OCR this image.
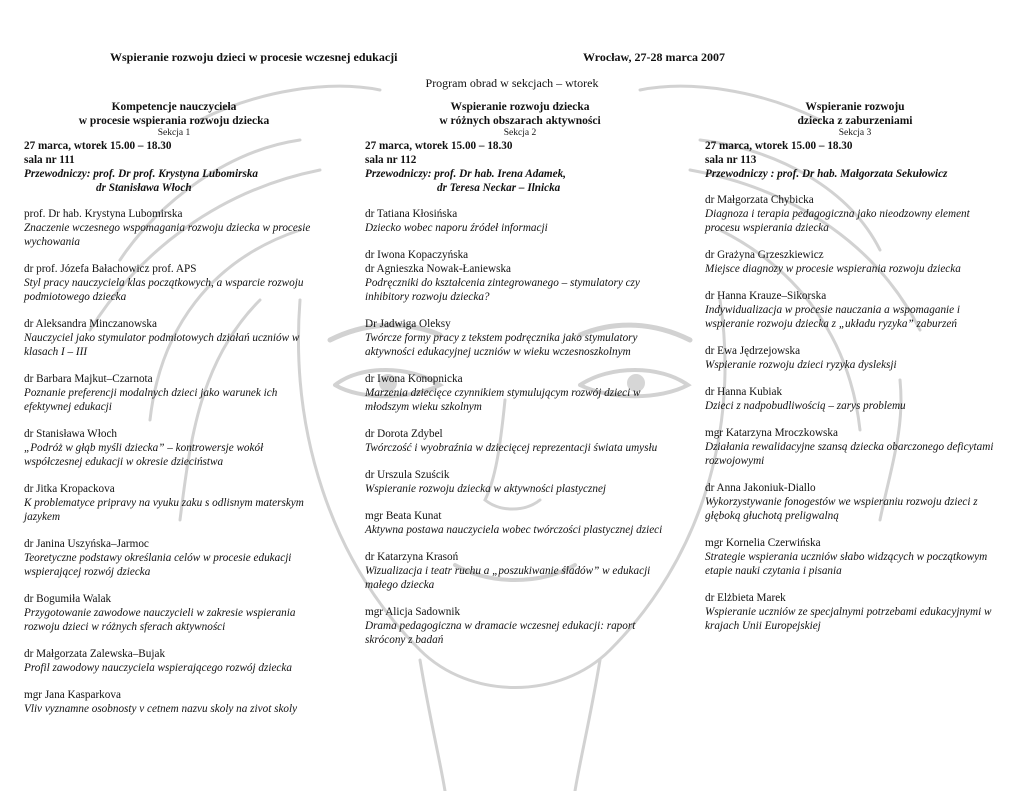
Wspieranie rozwoju dzieci w procesie wczesnej edukacji	Wrocław, 27-28 marca 2007
Program obrad w sekcjach – wtorek
Kompetencje nauczyciela
w procesie wspierania rozwoju dziecka
Sekcja 1
27 marca, wtorek 15.00 – 18.30
sala nr 111
Przewodniczy: prof. Dr prof. Krystyna Lubomirska
dr Stanisława Włoch
prof. Dr hab. Krystyna Lubomirska
Znaczenie wczesnego wspomagania rozwoju dziecka w procesie wychowania
dr prof. Józefa Bałachowicz prof. APS
Styl pracy nauczyciela klas początkowych, a wsparcie rozwoju podmiotowego dziecka
dr Aleksandra Minczanowska
Nauczyciel jako stymulator podmiotowych działań uczniów w klasach I – III
dr Barbara Majkut–Czarnota
Poznanie preferencji modalnych dzieci jako warunek ich efektywnej edukacji
dr Stanisława Włoch
„Podróż w głąb myśli dziecka” – kontrowersje wokół współczesnej edukacji w okresie dzieciństwa
dr Jitka Kropackova
K problematyce pripravy na vyuku zaku s odlisnym materskym jazykem
dr Janina Uszyńska–Jarmoc
Teoretyczne podstawy określania celów w procesie edukacji wspierającej rozwój dziecka
dr Bogumiła Walak
Przygotowanie zawodowe nauczycieli w zakresie wspierania rozwoju dzieci w różnych sferach aktywności
dr Małgorzata Zalewska–Bujak
Profil zawodowy nauczyciela wspierającego rozwój dziecka
mgr Jana Kasparkova
Vliv vyznamne osobnosty v cetnem nazvu skoly na zivot skoly
Wspieranie rozwoju dziecka
w różnych obszarach aktywności
Sekcja 2
27 marca, wtorek 15.00 – 18.30
sala nr 112
Przewodniczy: prof. Dr hab. Irena Adamek,
dr Teresa Neckar – Ilnicka
dr Tatiana Kłosińska
Dziecko wobec naporu źródeł informacji
dr Iwona Kopaczyńska
dr Agnieszka Nowak-Łaniewska
Podręczniki do kształcenia zintegrowanego – stymulatory czy inhibitory rozwoju dziecka?
Dr Jadwiga Oleksy
Twórcze formy pracy z tekstem podręcznika jako stymulatory aktywności edukacyjnej uczniów w wieku wczesnoszkolnym
dr Iwona Konopnicka
Marzenia dziecięce czynnikiem stymulującym rozwój dzieci w młodszym wieku szkolnym
dr Dorota Zdybel
Twórczość i wyobraźnia w dziecięcej reprezentacji świata umysłu
dr Urszula Szuścik
Wspieranie rozwoju dziecka w aktywności plastycznej
mgr Beata Kunat
Aktywna postawa nauczyciela wobec twórczości plastycznej dzieci
dr Katarzyna Krasoń
Wizualizacja i teatr ruchu a „poszukiwanie śladów” w edukacji małego dziecka
mgr Alicja Sadownik
Drama pedagogiczna w dramacie wczesnej edukacji: raport skrócony z badań
Wspieranie rozwoju
dziecka z zaburzeniami
Sekcja 3
27 marca, wtorek 15.00 – 18.30
sala nr 113
Przewodniczy : prof. Dr hab. Małgorzata Sekułowicz
dr Małgorzata Chybicka
Diagnoza i terapia pedagogiczna jako nieodzowny element procesu wspierania dziecka
dr Grażyna Grzeszkiewicz
Miejsce diagnozy w procesie wspierania rozwoju dziecka
dr Hanna Krauze–Sikorska
Indywidualizacja w procesie nauczania a wspomaganie i wspieranie rozwoju dziecka z „układu ryzyka” zaburzeń
dr Ewa Jędrzejowska
Wspieranie rozwoju dzieci ryzyka dysleksji
dr Hanna Kubiak
Dzieci z nadpobudliwością – zarys problemu
mgr Katarzyna Mroczkowska
Działania rewalidacyjne szansą dziecka obarczonego deficytami rozwojowymi
dr Anna Jakoniuk-Diallo
Wykorzystywanie fonogestów we wspieraniu rozwoju dzieci z głęboką głuchotą preligwalną
mgr Kornelia Czerwińska
Strategie wspierania uczniów słabo widzących w początkowym etapie nauki czytania i pisania
dr Elżbieta Marek
Wspieranie uczniów ze specjalnymi potrzebami edukacyjnymi w krajach Unii Europejskiej
